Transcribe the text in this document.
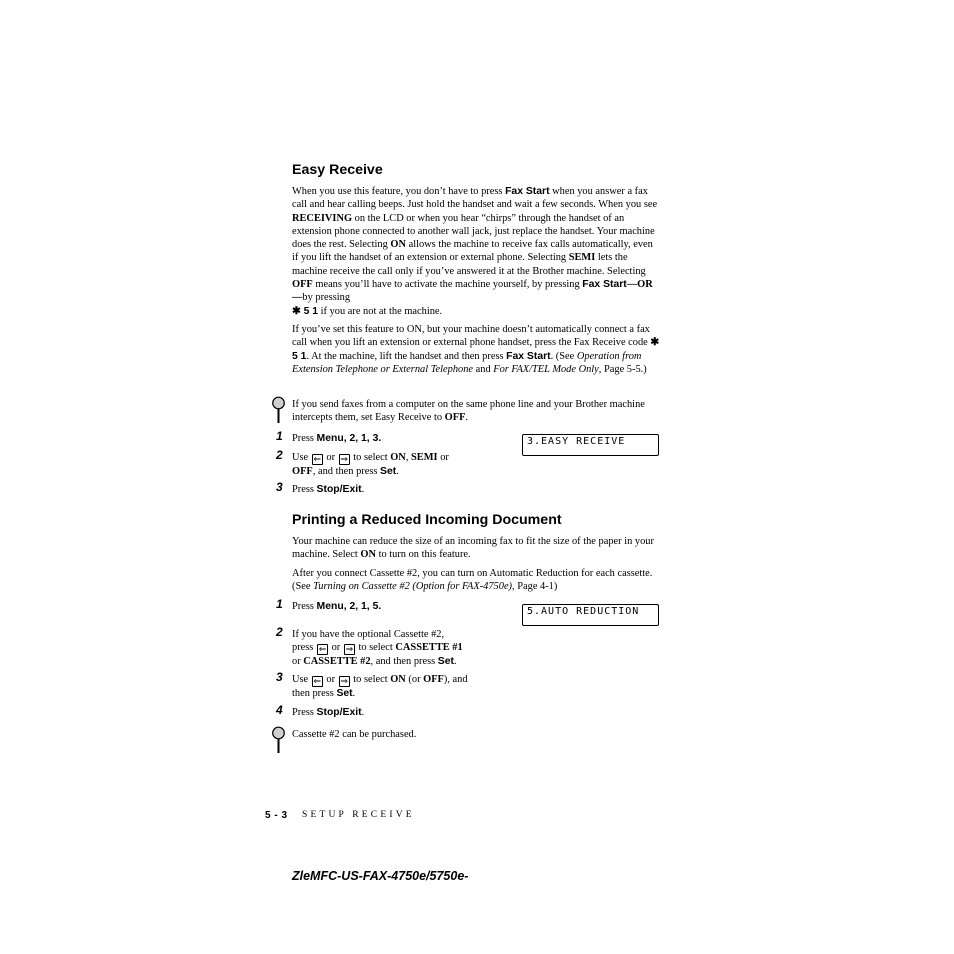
Easy Receive
When you use this feature, you don’t have to press Fax Start when you answer a fax call and hear calling beeps. Just hold the handset and wait a few seconds. When you see RECEIVING on the LCD or when you hear “chirps” through the handset of an extension phone connected to another wall jack, just replace the handset. Your machine does the rest. Selecting ON allows the machine to receive fax calls automatically, even if you lift the handset of an extension or external phone. Selecting SEMI lets the machine receive the call only if you’ve answered it at the Brother machine. Selecting OFF means you’ll have to activate the machine yourself, by pressing Fax Start—OR—by pressing
✱ 5 1 if you are not at the machine.
If you’ve set this feature to ON, but your machine doesn’t automatically connect a fax call when you lift an extension or external phone handset, press the Fax Receive code ✱ 5 1. At the machine, lift the handset and then press Fax Start. (See Operation from Extension Telephone or External Telephone and For FAX/TEL Mode Only, Page 5-5.)
If you send faxes from a computer on the same phone line and your Brother machine intercepts them, set Easy Receive to OFF.
1 Press Menu, 2, 1, 3.
2 Use ⇐ or ⇒ to select ON, SEMI or
OFF, and then press Set.
3 Press Stop/Exit.
3.EASY RECEIVE
Printing a Reduced Incoming Document
Your machine can reduce the size of an incoming fax to fit the size of the paper in your machine. Select ON to turn on this feature.
After you connect Cassette #2, you can turn on Automatic Reduction for each cassette. (See Turning on Cassette #2 (Option for FAX-4750e), Page 4-1)
1 Press Menu, 2, 1, 5.	5.AUTO REDUCTION
2 If you have the optional Cassette #2,
press ⇐ or ⇒ to select CASSETTE #1
or CASSETTE #2, and then press Set.
3 Use ⇐ or ⇒ to select ON (or OFF), and
then press Set.
4 Press Stop/Exit.
Cassette #2 can be purchased.
5 - 3 SETUP RECEIVE
ZleMFC-US-FAX-4750e/5750e-
